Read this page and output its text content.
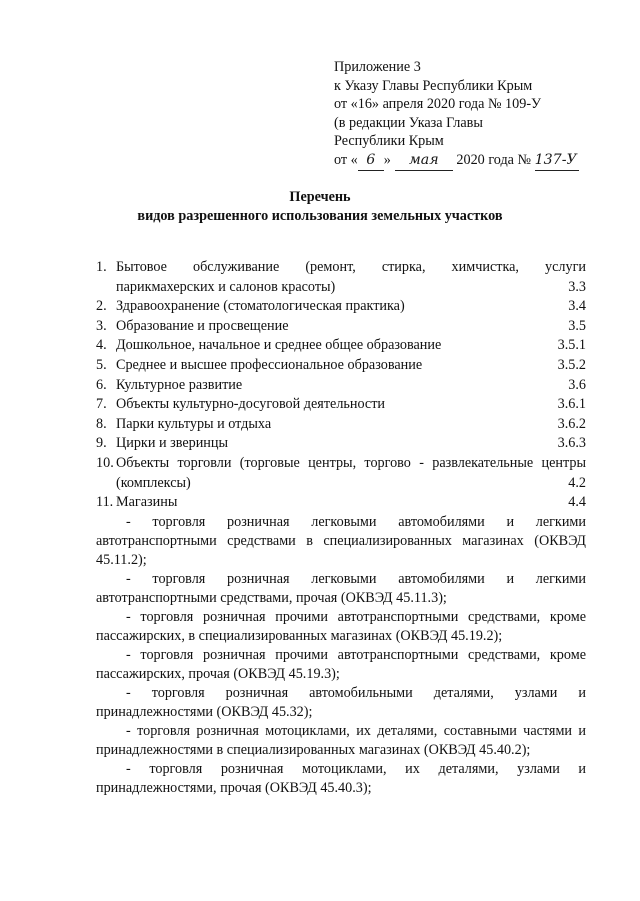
Приложение 3
к Указу Главы Республики Крым
от «16» апреля 2020 года № 109-У
(в редакции Указа Главы
Республики Крым
от « 6 » мая 2020 года № 137-У
Перечень
видов разрешенного использования земельных участков
1. Бытовое обслуживание (ремонт, стирка, химчистка, услуги
парикмахерских и салонов красоты)	3.3
2. Здравоохранение (стоматологическая практика)	3.4
3. Образование и просвещение	3.5
4. Дошкольное, начальное и среднее общее образование	3.5.1
5. Среднее и высшее профессиональное образование	3.5.2
6. Культурное развитие	3.6
7. Объекты культурно-досуговой деятельности	3.6.1
8. Парки культуры и отдыха	3.6.2
9. Цирки и зверинцы	3.6.3
10. Объекты торговли (торговые центры, торгово - развлекательные центры
(комплексы)	4.2
11. Магазины	4.4
- торговля розничная легковыми автомобилями и легкими автотранспортными средствами в специализированных магазинах (ОКВЭД 45.11.2);
- торговля розничная легковыми автомобилями и легкими автотранспортными средствами, прочая (ОКВЭД 45.11.3);
- торговля розничная прочими автотранспортными средствами, кроме пассажирских, в специализированных магазинах (ОКВЭД 45.19.2);
- торговля розничная прочими автотранспортными средствами, кроме пассажирских, прочая (ОКВЭД 45.19.3);
- торговля розничная автомобильными деталями, узлами и принадлежностями (ОКВЭД 45.32);
- торговля розничная мотоциклами, их деталями, составными частями и принадлежностями в специализированных магазинах (ОКВЭД 45.40.2);
- торговля розничная мотоциклами, их деталями, узлами и принадлежностями, прочая (ОКВЭД 45.40.3);
